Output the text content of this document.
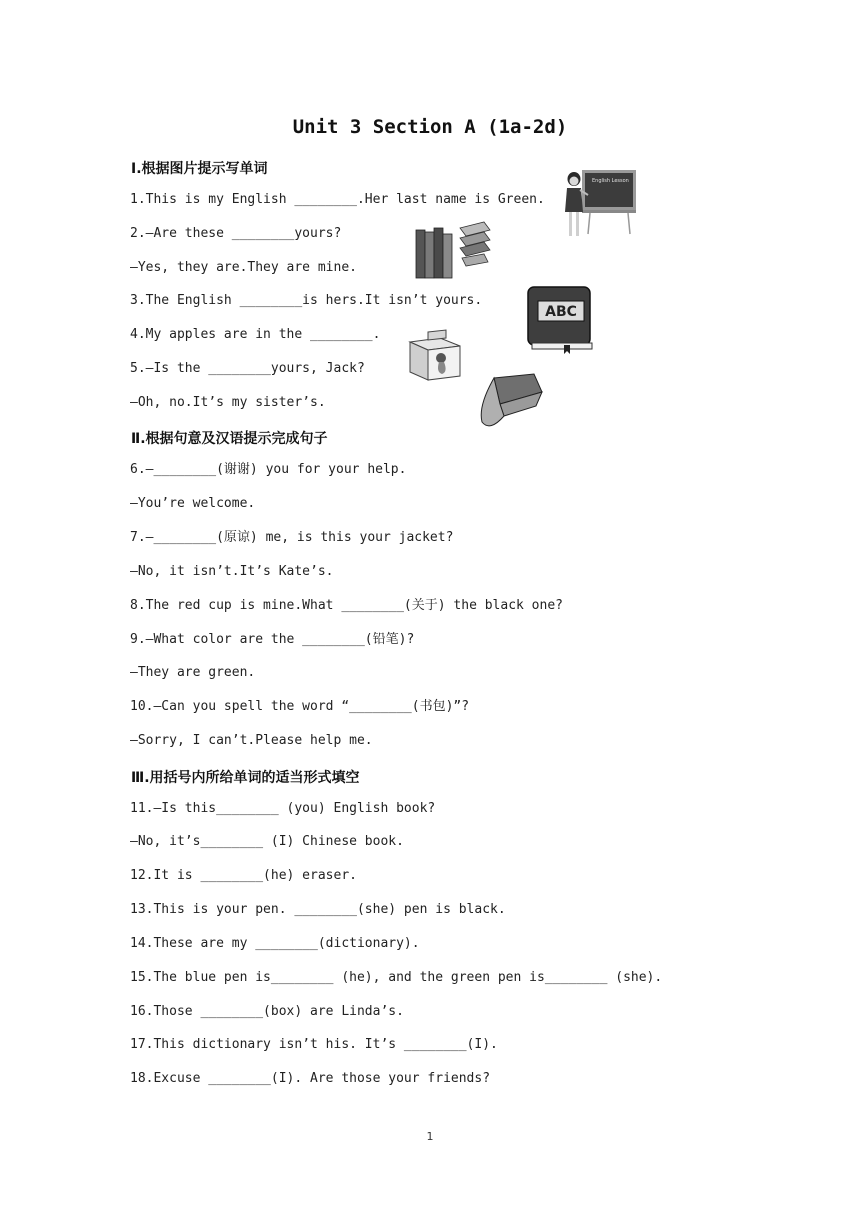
Unit 3 Section A (1a-2d)
Ⅰ.根据图片提示写单词
1.This is my English ________.Her last name is Green.
2.—Are these ________yours?
—Yes, they are.They are mine.
3.The English ________is hers.It isn’t yours.
4.My apples are in the ________.
5.—Is the ________yours, Jack?
—Oh, no.It’s my sister’s.
Ⅱ.根据句意及汉语提示完成句子
6.—________(谢谢) you for your help.
—You’re welcome.
7.—________(原谅) me, is this your jacket?
—No, it isn’t.It’s Kate’s.
8.The red cup is mine.What ________(关于) the black one?
9.—What color are the ________(铅笔)?
—They are green.
10.—Can you spell the word “________(书包)”?
—Sorry, I can’t.Please help me.
Ⅲ.用括号内所给单词的适当形式填空
11.—Is this________ (you) English book?
—No, it’s________ (I) Chinese book.
12.It is ________(he) eraser.
13.This is your pen. ________(she) pen is black.
14.These are my ________(dictionary).
15.The blue pen is________ (he), and the green pen is________ (she).
16.Those ________(box) are Linda’s.
17.This dictionary isn’t his. It’s ________(I).
18.Excuse ________(I). Are those your friends?
1
English Lesson
ABC
